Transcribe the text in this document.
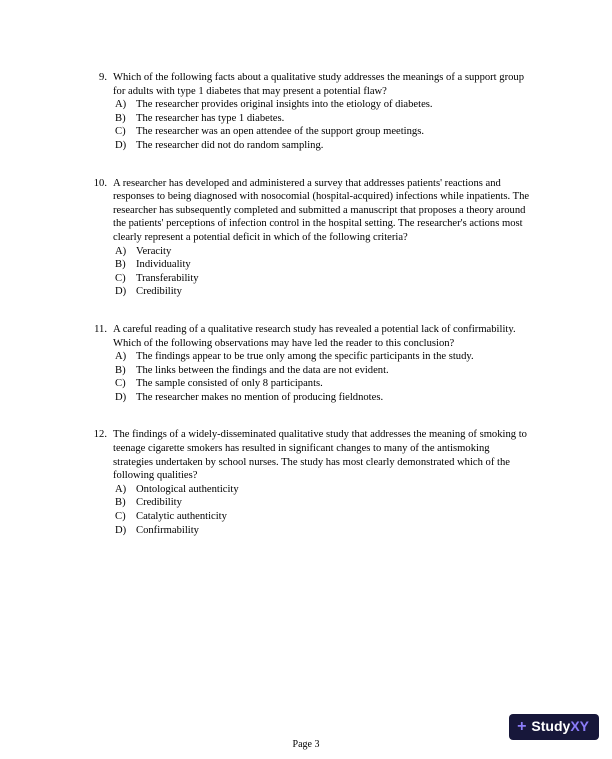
9. Which of the following facts about a qualitative study addresses the meanings of a support group for adults with type 1 diabetes that may present a potential flaw?
A) The researcher provides original insights into the etiology of diabetes.
B) The researcher has type 1 diabetes.
C) The researcher was an open attendee of the support group meetings.
D) The researcher did not do random sampling.
10. A researcher has developed and administered a survey that addresses patients' reactions and responses to being diagnosed with nosocomial (hospital-acquired) infections while inpatients. The researcher has subsequently completed and submitted a manuscript that proposes a theory around the patients' perceptions of infection control in the hospital setting. The researcher's actions most clearly represent a potential deficit in which of the following criteria?
A) Veracity
B) Individuality
C) Transferability
D) Credibility
11. A careful reading of a qualitative research study has revealed a potential lack of confirmability. Which of the following observations may have led the reader to this conclusion?
A) The findings appear to be true only among the specific participants in the study.
B) The links between the findings and the data are not evident.
C) The sample consisted of only 8 participants.
D) The researcher makes no mention of producing fieldnotes.
12. The findings of a widely-disseminated qualitative study that addresses the meaning of smoking to teenage cigarette smokers has resulted in significant changes to many of the antismoking strategies undertaken by school nurses. The study has most clearly demonstrated which of the following qualities?
A) Ontological authenticity
B) Credibility
C) Catalytic authenticity
D) Confirmability
+ StudyXY
Page 3
